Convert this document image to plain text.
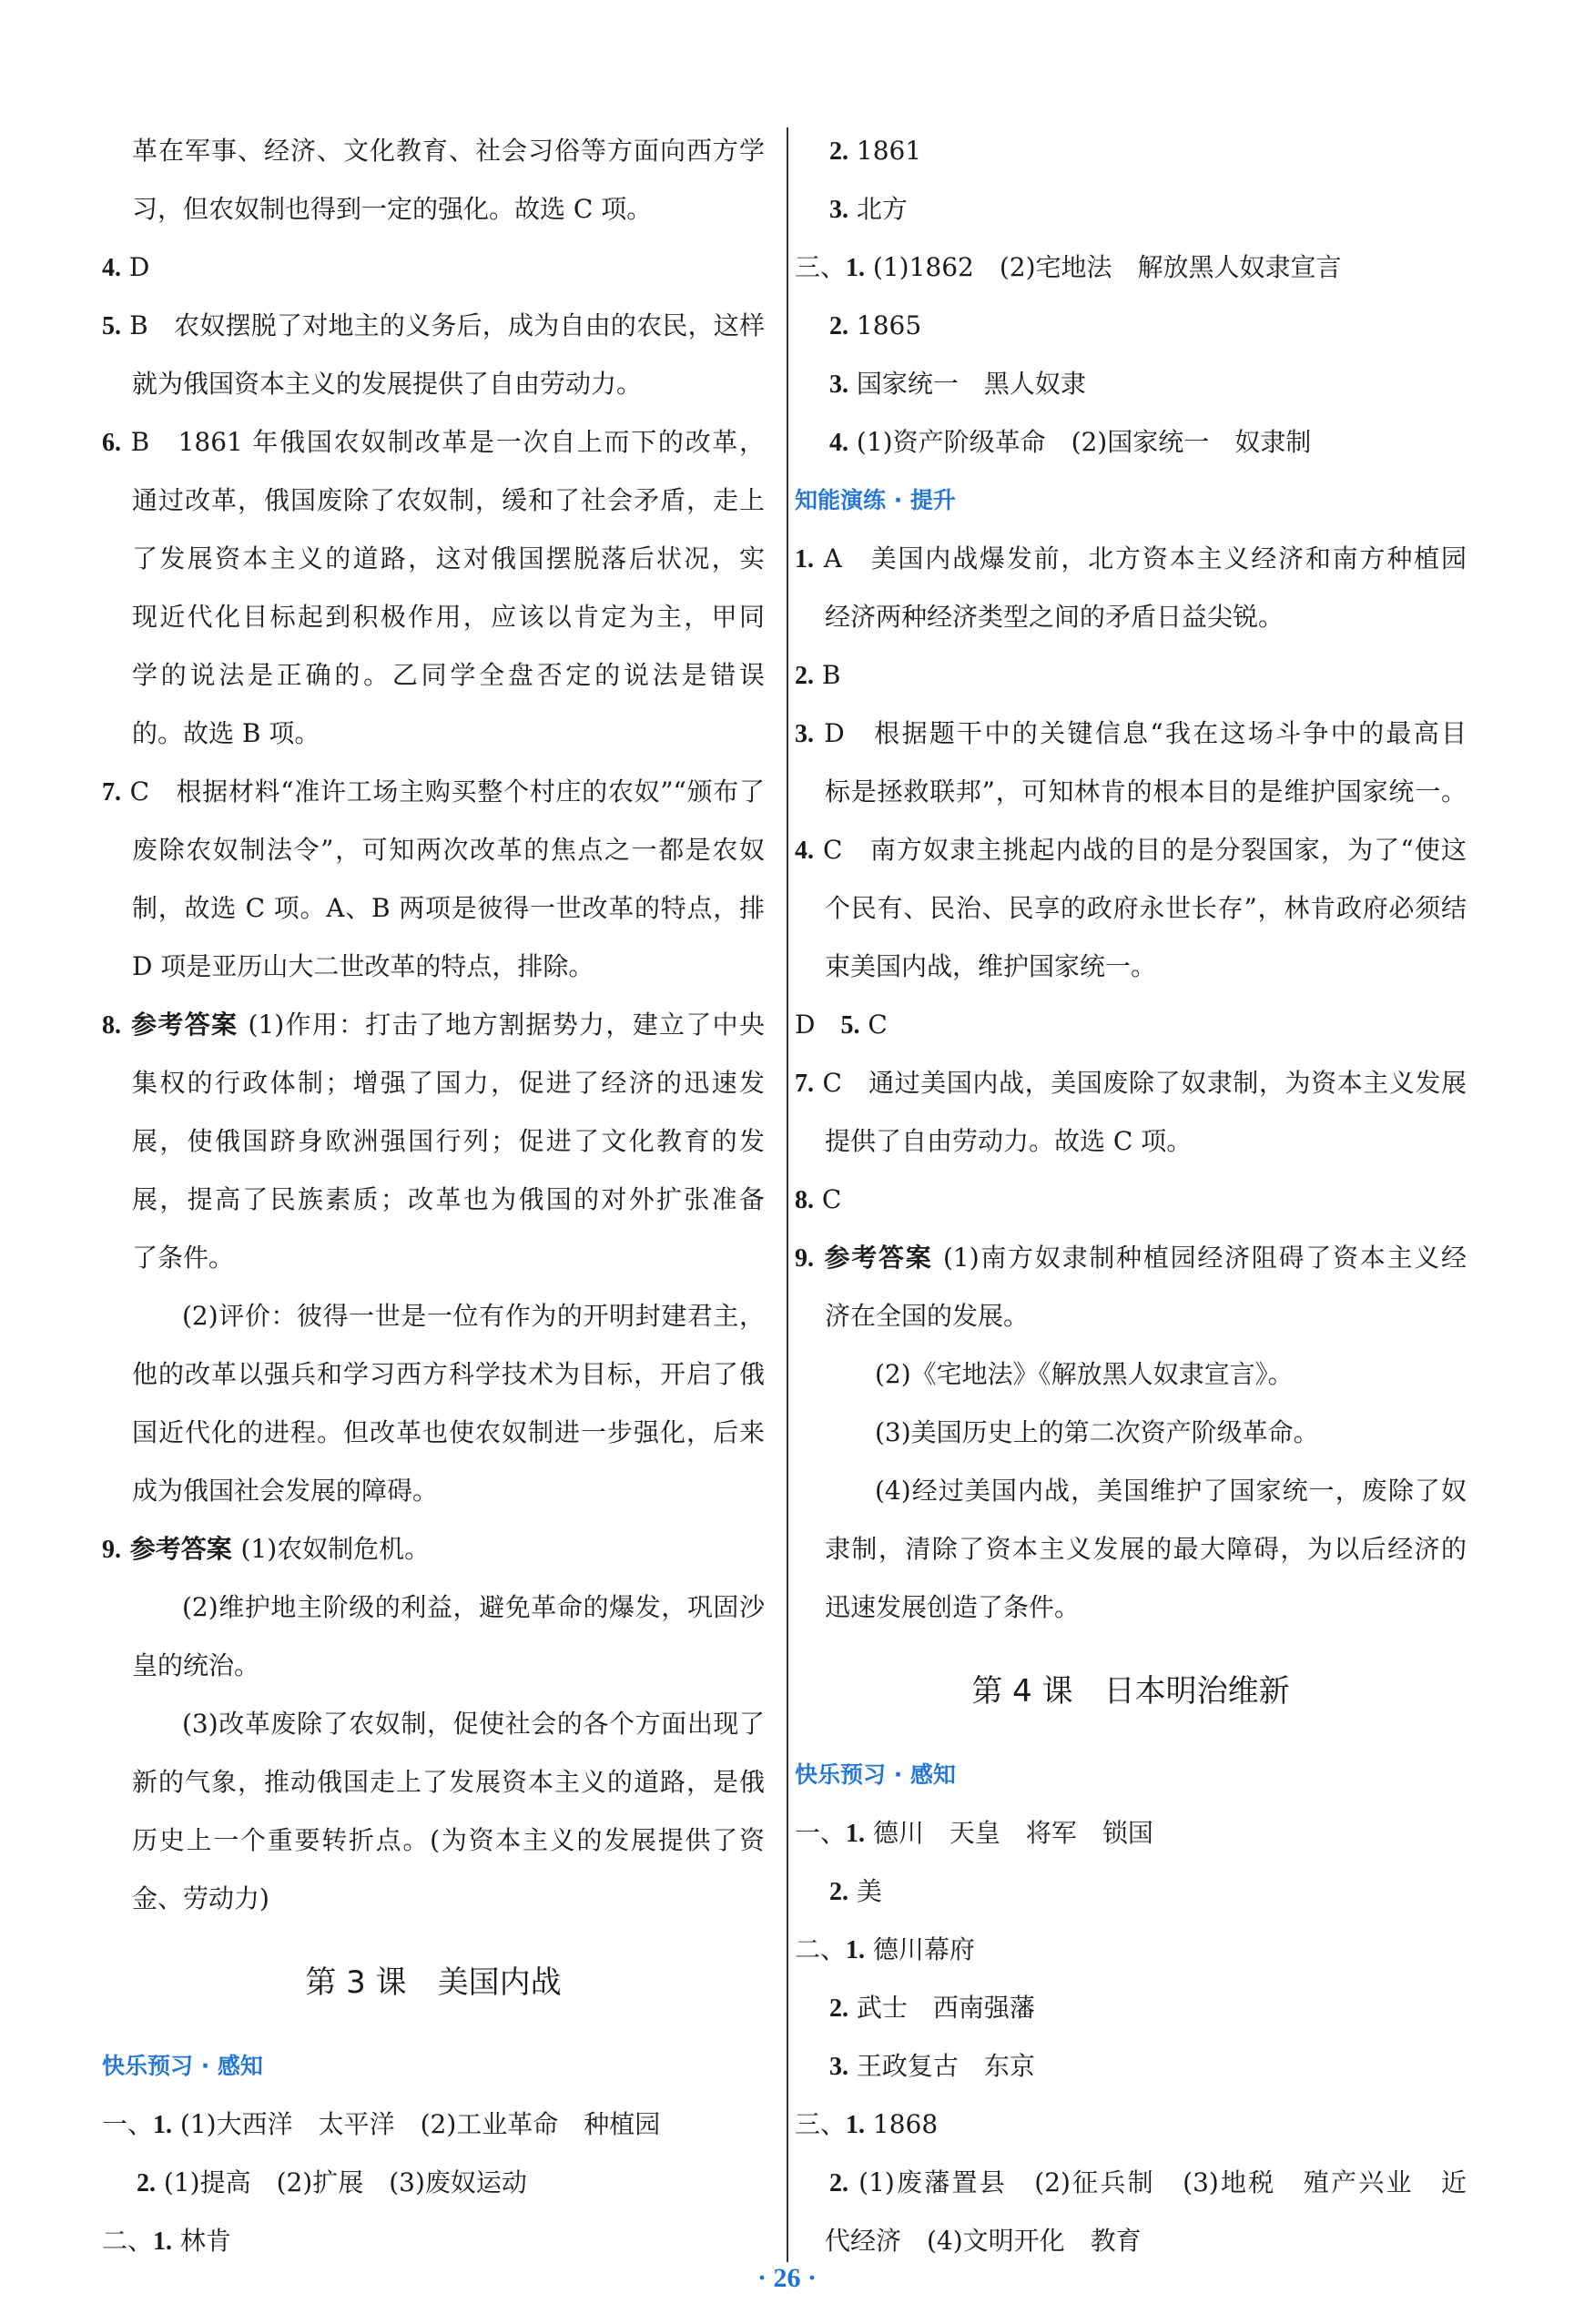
革在军事、经济、文化教育、社会习俗等方面向西方学
习，但农奴制也得到一定的强化。故选 C 项。
4. D
5. B　农奴摆脱了对地主的义务后，成为自由的农民，这样
就为俄国资本主义的发展提供了自由劳动力。
6. B　1861 年俄国农奴制改革是一次自上而下的改革，
通过改革，俄国废除了农奴制，缓和了社会矛盾，走上
了发展资本主义的道路，这对俄国摆脱落后状况，实
现近代化目标起到积极作用，应该以肯定为主，甲同
学的说法是正确的。乙同学全盘否定的说法是错误
的。故选 B 项。
7. C　根据材料“准许工场主购买整个村庄的农奴”“颁布了
废除农奴制法令”，可知两次改革的焦点之一都是农奴
制，故选 C 项。A、B 两项是彼得一世改革的特点，排
D 项是亚历山大二世改革的特点，排除。
8. 参考答案 (1)作用：打击了地方割据势力，建立了中央
集权的行政体制；增强了国力，促进了经济的迅速发
展，使俄国跻身欧洲强国行列；促进了文化教育的发
展，提高了民族素质；改革也为俄国的对外扩张准备
了条件。
(2)评价：彼得一世是一位有作为的开明封建君主，
他的改革以强兵和学习西方科学技术为目标，开启了俄
国近代化的进程。但改革也使农奴制进一步强化，后来
成为俄国社会发展的障碍。
9. 参考答案 (1)农奴制危机。
(2)维护地主阶级的利益，避免革命的爆发，巩固沙
皇的统治。
(3)改革废除了农奴制，促使社会的各个方面出现了
新的气象，推动俄国走上了发展资本主义的道路，是俄
历史上一个重要转折点。(为资本主义的发展提供了资
金、劳动力)
第 3 课　美国内战
快乐预习 · 感知
一、1. (1)大西洋　太平洋　(2)工业革命　种植园
2. (1)提高　(2)扩展　(3)废奴运动
二、1. 林肯
2. 1861
3. 北方
三、1. (1)1862　(2)宅地法　解放黑人奴隶宣言
2. 1865
3. 国家统一　黑人奴隶
4. (1)资产阶级革命　(2)国家统一　奴隶制
知能演练 · 提升
1. A　美国内战爆发前，北方资本主义经济和南方种植园
经济两种经济类型之间的矛盾日益尖锐。
2. B
3. D　根据题干中的关键信息“我在这场斗争中的最高目
标是拯救联邦”，可知林肯的根本目的是维护国家统一。
4. C　南方奴隶主挑起内战的目的是分裂国家，为了“使这
个民有、民治、民享的政府永世长存”，林肯政府必须结
束美国内战，维护国家统一。
D　5. C
7. C　通过美国内战，美国废除了奴隶制，为资本主义发展
提供了自由劳动力。故选 C 项。
8. C
9. 参考答案 (1)南方奴隶制种植园经济阻碍了资本主义经
济在全国的发展。
(2)《宅地法》《解放黑人奴隶宣言》。
(3)美国历史上的第二次资产阶级革命。
(4)经过美国内战，美国维护了国家统一，废除了奴
隶制，清除了资本主义发展的最大障碍，为以后经济的
迅速发展创造了条件。
第 4 课　日本明治维新
快乐预习 · 感知
一、1. 德川　天皇　将军　锁国
2. 美
二、1. 德川幕府
2. 武士　西南强藩
3. 王政复古　东京
三、1. 1868
2. (1)废藩置县　(2)征兵制　(3)地税　殖产兴业　近
代经济　(4)文明开化　教育
· 26 ·
